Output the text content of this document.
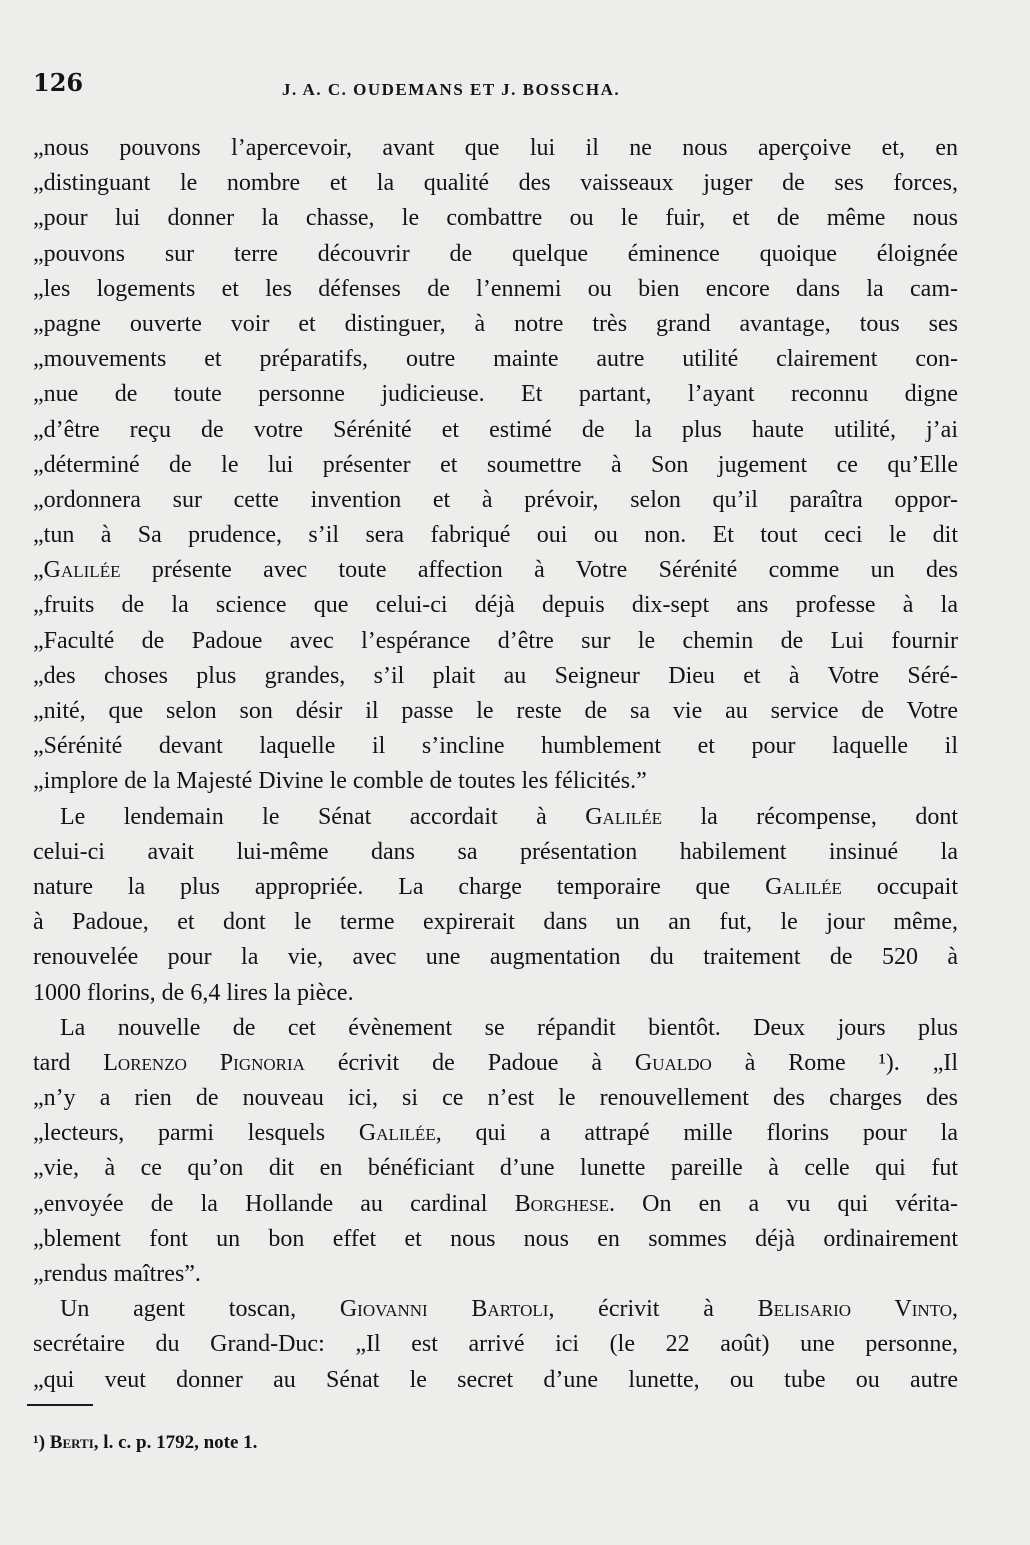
126	J. A. C. OUDEMANS ET J. BOSSCHA.
„nous pouvons l’apercevoir, avant que lui il ne nous aperçoive et, en
„distinguant le nombre et la qualité des vaisseaux juger de ses forces,
„pour lui donner la chasse, le combattre ou le fuir, et de même nous
„pouvons sur terre découvrir de quelque éminence quoique éloignée
„les logements et les défenses de l’ennemi ou bien encore dans la cam-
„pagne ouverte voir et distinguer, à notre très grand avantage, tous ses
„mouvements et préparatifs, outre mainte autre utilité clairement con-
„nue de toute personne judicieuse. Et partant, l’ayant reconnu digne
„d’être reçu de votre Sérénité et estimé de la plus haute utilité, j’ai
„déterminé de le lui présenter et soumettre à Son jugement ce qu’Elle
„ordonnera sur cette invention et à prévoir, selon qu’il paraîtra oppor-
„tun à Sa prudence, s’il sera fabriqué oui ou non. Et tout ceci le dit
„Galilée présente avec toute affection à Votre Sérénité comme un des
„fruits de la science que celui-ci déjà depuis dix-sept ans professe à la
„Faculté de Padoue avec l’espérance d’être sur le chemin de Lui fournir
„des choses plus grandes, s’il plait au Seigneur Dieu et à Votre Séré-
„nité, que selon son désir il passe le reste de sa vie au service de Votre
„Sérénité devant laquelle il s’incline humblement et pour laquelle il
„implore de la Majesté Divine le comble de toutes les félicités.”
Le lendemain le Sénat accordait à Galilée la récompense, dont
celui-ci avait lui-même dans sa présentation habilement insinué la
nature la plus appropriée. La charge temporaire que Galilée occupait
à Padoue, et dont le terme expirerait dans un an fut, le jour même,
renouvelée pour la vie, avec une augmentation du traitement de 520 à
1000 florins, de 6,4 lires la pièce.
La nouvelle de cet évènement se répandit bientôt. Deux jours plus
tard Lorenzo Pignoria écrivit de Padoue à Gualdo à Rome ¹). „Il
„n’y a rien de nouveau ici, si ce n’est le renouvellement des charges des
„lecteurs, parmi lesquels Galilée, qui a attrapé mille florins pour la
„vie, à ce qu’on dit en bénéficiant d’une lunette pareille à celle qui fut
„envoyée de la Hollande au cardinal Borghese. On en a vu qui vérita-
„blement font un bon effet et nous nous en sommes déjà ordinairement
„rendus maîtres”.
Un agent toscan, Giovanni Bartoli, écrivit à Belisario Vinto,
secrétaire du Grand-Duc: „Il est arrivé ici (le 22 août) une personne,
„qui veut donner au Sénat le secret d’une lunette, ou tube ou autre
¹) Berti, l. c. p. 1792, note 1.
